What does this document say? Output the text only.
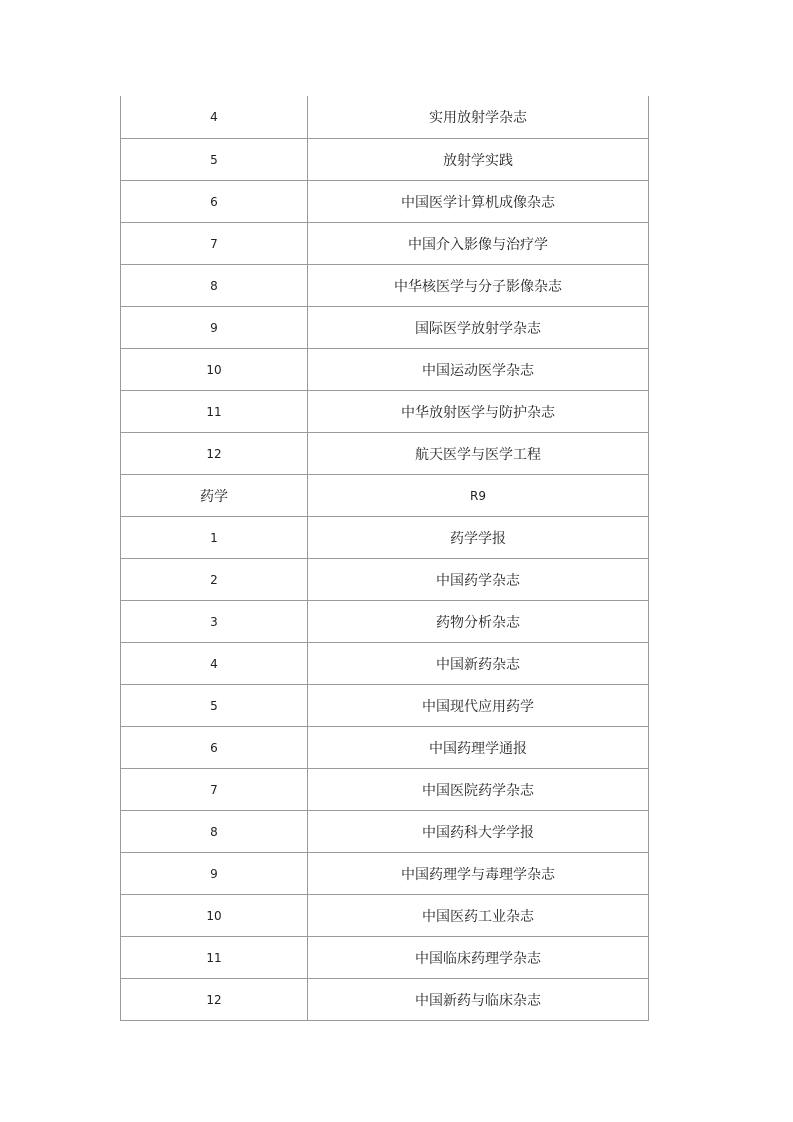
4	实用放射学杂志
5	放射学实践
6	中国医学计算机成像杂志
7	中国介入影像与治疗学
8	中华核医学与分子影像杂志
9	国际医学放射学杂志
10	中国运动医学杂志
11	中华放射医学与防护杂志
12	航天医学与医学工程
药学	R9
1	药学学报
2	中国药学杂志
3	药物分析杂志
4	中国新药杂志
5	中国现代应用药学
6	中国药理学通报
7	中国医院药学杂志
8	中国药科大学学报
9	中国药理学与毒理学杂志
10	中国医药工业杂志
11	中国临床药理学杂志
12	中国新药与临床杂志
